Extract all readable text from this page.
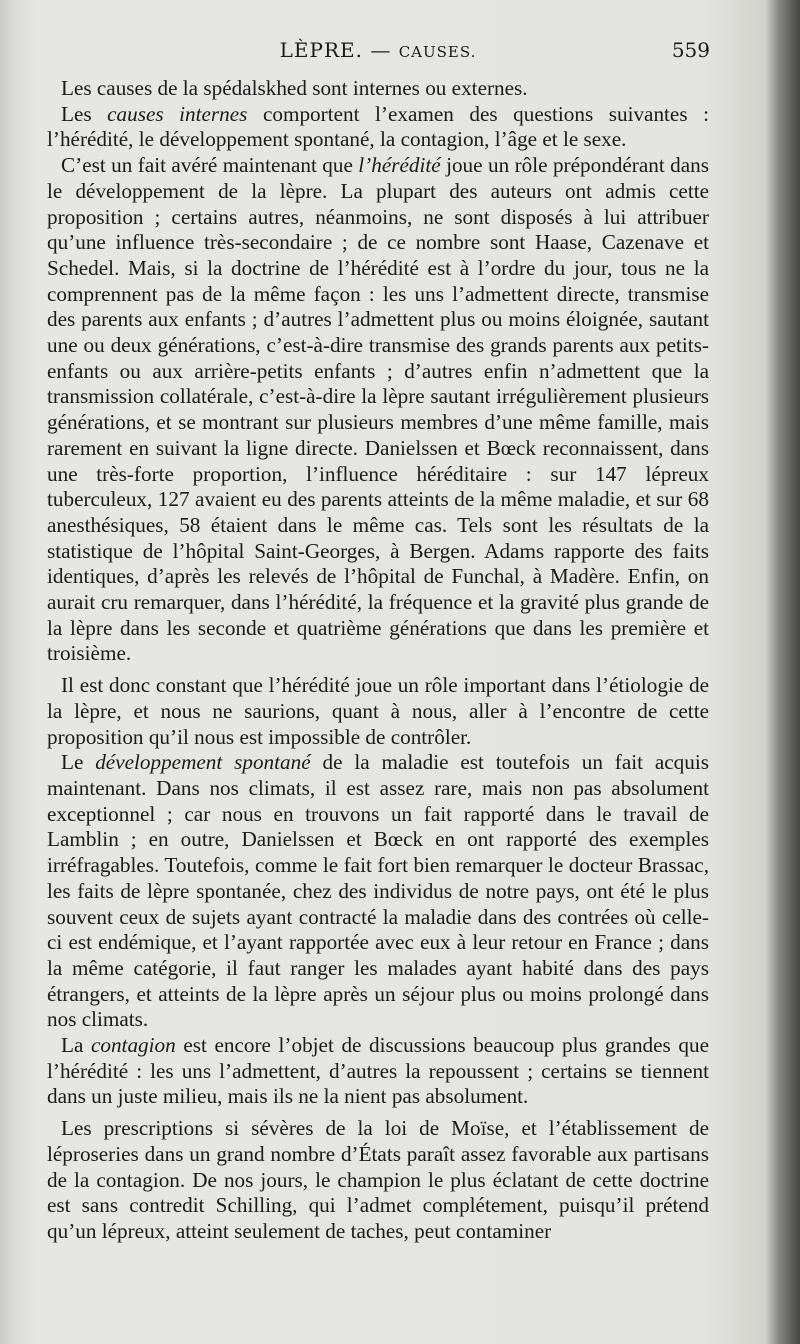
LÈPRE. — CAUSES.	559

Les causes de la spédalskhed sont internes ou externes.

Les causes internes comportent l’examen des questions suivantes : l’hérédité, le développement spontané, la contagion, l’âge et le sexe.

C’est un fait avéré maintenant que l’hérédité joue un rôle prépondérant dans le développement de la lèpre. La plupart des auteurs ont admis cette proposition ; certains autres, néanmoins, ne sont disposés à lui attribuer qu’une influence très-secondaire ; de ce nombre sont Haase, Cazenave et Schedel. Mais, si la doctrine de l’hérédité est à l’ordre du jour, tous ne la comprennent pas de la même façon : les uns l’admettent directe, transmise des parents aux enfants ; d’autres l’admettent plus ou moins éloignée, sautant une ou deux générations, c’est-à-dire transmise des grands parents aux petits-enfants ou aux arrière-petits enfants ; d’autres enfin n’admettent que la transmission collatérale, c’est-à-dire la lèpre sautant irrégulièrement plusieurs générations, et se montrant sur plusieurs membres d’une même famille, mais rarement en suivant la ligne directe. Danielssen et Bœck reconnaissent, dans une très-forte proportion, l’influence héréditaire : sur 147 lépreux tuberculeux, 127 avaient eu des parents atteints de la même maladie, et sur 68 anesthésiques, 58 étaient dans le même cas. Tels sont les résultats de la statistique de l’hôpital Saint-Georges, à Bergen. Adams rapporte des faits identiques, d’après les relevés de l’hôpital de Funchal, à Madère. Enfin, on aurait cru remarquer, dans l’hérédité, la fréquence et la gravité plus grande de la lèpre dans les seconde et quatrième générations que dans les première et troisième.

Il est donc constant que l’hérédité joue un rôle important dans l’étiologie de la lèpre, et nous ne saurions, quant à nous, aller à l’encontre de cette proposition qu’il nous est impossible de contrôler.

Le développement spontané de la maladie est toutefois un fait acquis maintenant. Dans nos climats, il est assez rare, mais non pas absolument exceptionnel ; car nous en trouvons un fait rapporté dans le travail de Lamblin ; en outre, Danielssen et Bœck en ont rapporté des exemples irréfragables. Toutefois, comme le fait fort bien remarquer le docteur Brassac, les faits de lèpre spontanée, chez des individus de notre pays, ont été le plus souvent ceux de sujets ayant contracté la maladie dans des contrées où celle-ci est endémique, et l’ayant rapportée avec eux à leur retour en France ; dans la même catégorie, il faut ranger les malades ayant habité dans des pays étrangers, et atteints de la lèpre après un séjour plus ou moins prolongé dans nos climats.

La contagion est encore l’objet de discussions beaucoup plus grandes que l’hérédité : les uns l’admettent, d’autres la repoussent ; certains se tiennent dans un juste milieu, mais ils ne la nient pas absolument.

Les prescriptions si sévères de la loi de Moïse, et l’établissement de léproseries dans un grand nombre d’États paraît assez favorable aux partisans de la contagion. De nos jours, le champion le plus éclatant de cette doctrine est sans contredit Schilling, qui l’admet complétement, puisqu’il prétend qu’un lépreux, atteint seulement de taches, peut contaminer
